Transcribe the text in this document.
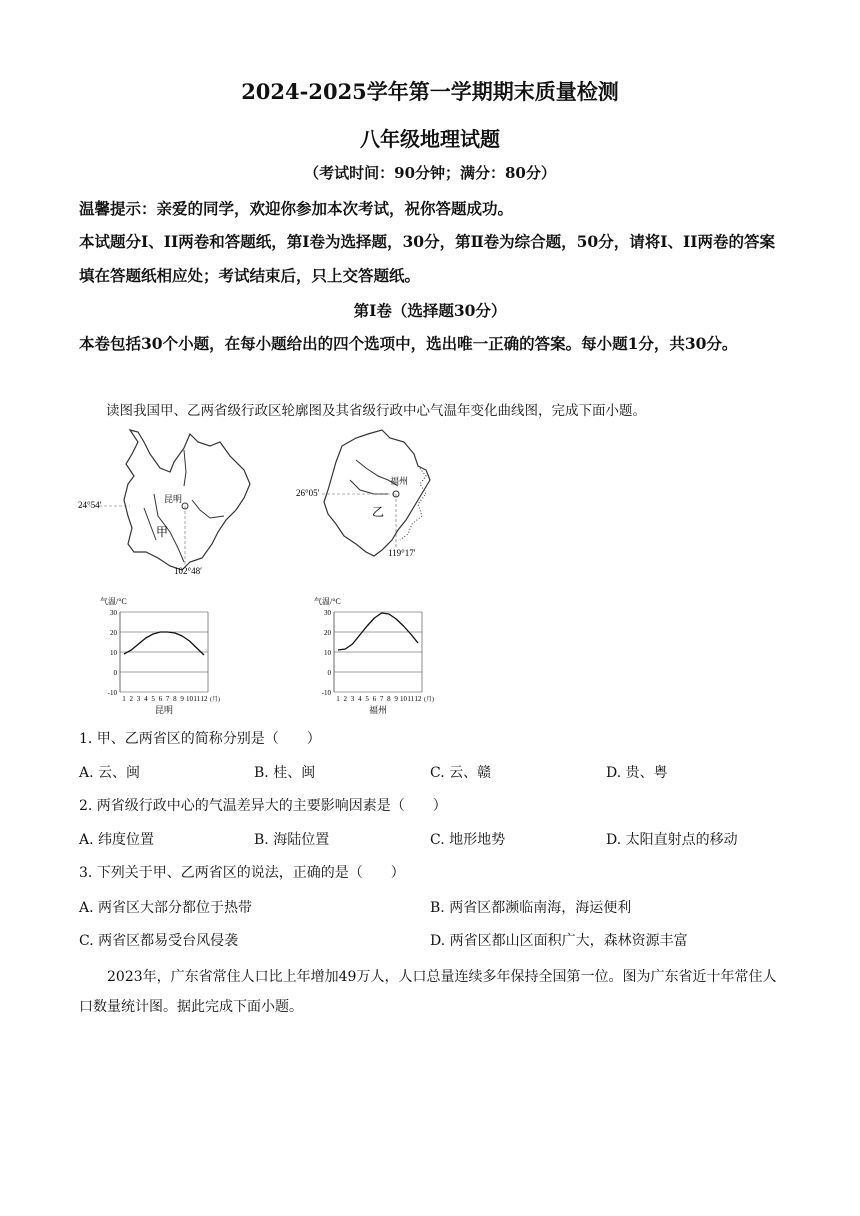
2024-2025学年第一学期期末质量检测
八年级地理试题
（考试时间：90分钟；满分：80分）
温馨提示：亲爱的同学，欢迎你参加本次考试，祝你答题成功。
本试题分I、II两卷和答题纸，第Ⅰ卷为选择题，30分，第Ⅱ卷为综合题，50分，请将I、II两卷的答案填在答题纸相应处；考试结束后，只上交答题纸。
第Ⅰ卷（选择题30分）
本卷包括30个小题，在每小题给出的四个选项中，选出唯一正确的答案。每小题1分，共30分。
读图我国甲、乙两省级行政区轮廓图及其省级行政中心气温年变化曲线图，完成下面小题。
昆明
甲
24°54′
102°48′
福州
乙
26°05′
119°17′
气温/°C
30
20
10
0
-10
1 2 3 4 5 6 7 8 9 10 11 12 (月)
昆明
气温/°C
30
20
10
0
-10
1 2 3 4 5 6 7 8 9 10 11 12 (月)
福州
1. 甲、乙两省区的简称分别是（　　）
A. 云、闽	B. 桂、闽	C. 云、赣	D. 贵、粤
2. 两省级行政中心的气温差异大的主要影响因素是（　　）
A. 纬度位置	B. 海陆位置	C. 地形地势	D. 太阳直射点的移动
3. 下列关于甲、乙两省区的说法，正确的是（　　）
A. 两省区大部分都位于热带	B. 两省区都濒临南海，海运便利
C. 两省区都易受台风侵袭	D. 两省区都山区面积广大，森林资源丰富
2023年，广东省常住人口比上年增加49万人，人口总量连续多年保持全国第一位。图为广东省近十年常住人口数量统计图。据此完成下面小题。
